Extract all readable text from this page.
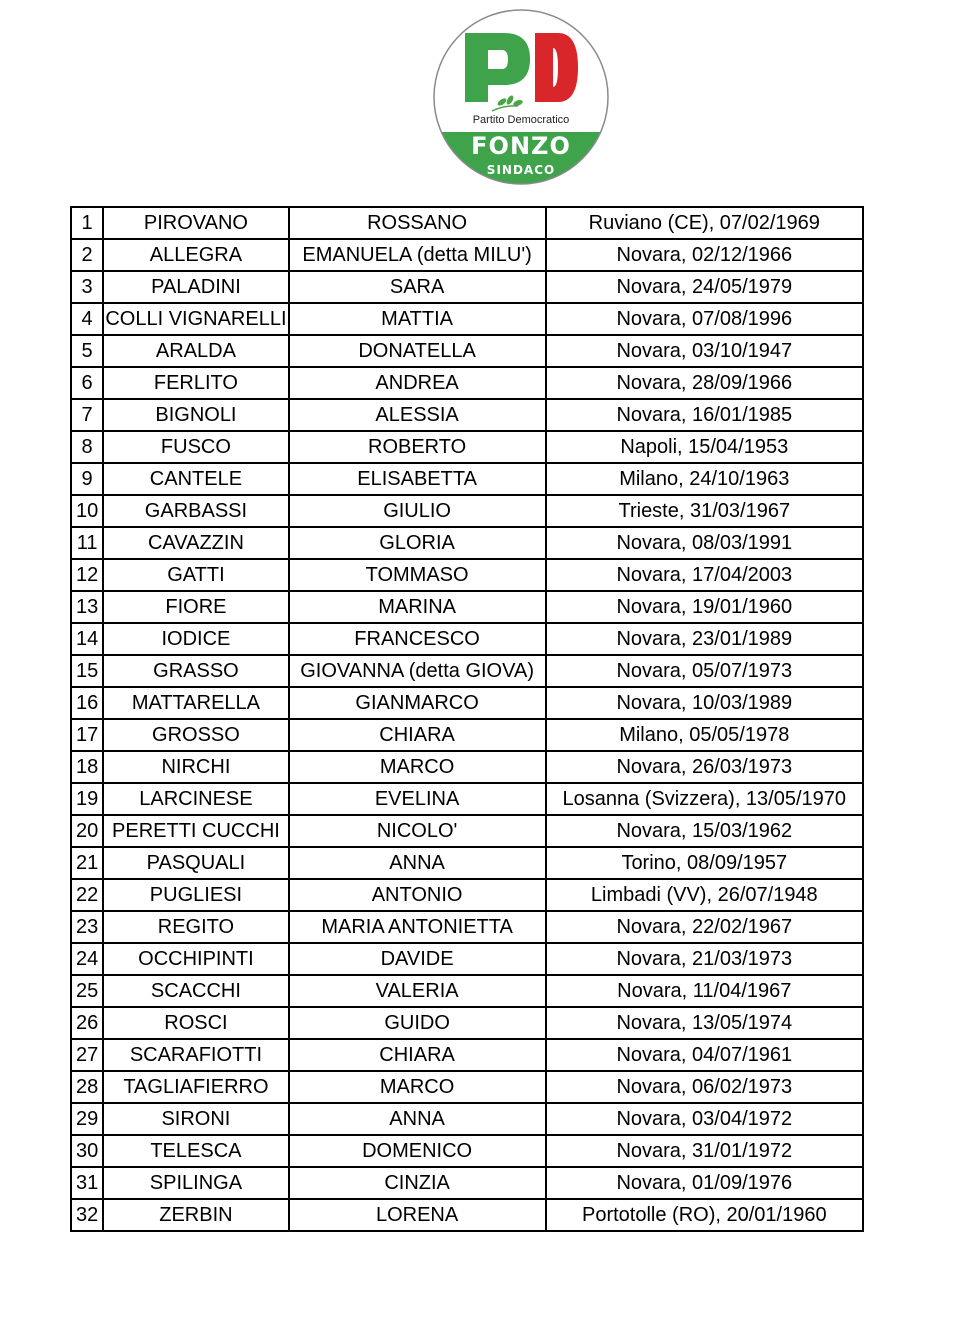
Partito Democratico
FONZO
SINDACO
1	PIROVANO	ROSSANO	Ruviano (CE), 07/02/1969
2	ALLEGRA	EMANUELA (detta MILU')	Novara, 02/12/1966
3	PALADINI	SARA	Novara, 24/05/1979
4	COLLI VIGNARELLI	MATTIA	Novara, 07/08/1996
5	ARALDA	DONATELLA	Novara, 03/10/1947
6	FERLITO	ANDREA	Novara, 28/09/1966
7	BIGNOLI	ALESSIA	Novara, 16/01/1985
8	FUSCO	ROBERTO	Napoli, 15/04/1953
9	CANTELE	ELISABETTA	Milano, 24/10/1963
10	GARBASSI	GIULIO	Trieste, 31/03/1967
11	CAVAZZIN	GLORIA	Novara, 08/03/1991
12	GATTI	TOMMASO	Novara, 17/04/2003
13	FIORE	MARINA	Novara, 19/01/1960
14	IODICE	FRANCESCO	Novara, 23/01/1989
15	GRASSO	GIOVANNA (detta GIOVA)	Novara, 05/07/1973
16	MATTARELLA	GIANMARCO	Novara, 10/03/1989
17	GROSSO	CHIARA	Milano, 05/05/1978
18	NIRCHI	MARCO	Novara, 26/03/1973
19	LARCINESE	EVELINA	Losanna (Svizzera), 13/05/1970
20	PERETTI CUCCHI	NICOLO'	Novara, 15/03/1962
21	PASQUALI	ANNA	Torino, 08/09/1957
22	PUGLIESI	ANTONIO	Limbadi (VV), 26/07/1948
23	REGITO	MARIA ANTONIETTA	Novara, 22/02/1967
24	OCCHIPINTI	DAVIDE	Novara, 21/03/1973
25	SCACCHI	VALERIA	Novara, 11/04/1967
26	ROSCI	GUIDO	Novara, 13/05/1974
27	SCARAFIOTTI	CHIARA	Novara, 04/07/1961
28	TAGLIAFIERRO	MARCO	Novara, 06/02/1973
29	SIRONI	ANNA	Novara, 03/04/1972
30	TELESCA	DOMENICO	Novara, 31/01/1972
31	SPILINGA	CINZIA	Novara, 01/09/1976
32	ZERBIN	LORENA	Portotolle (RO), 20/01/1960
